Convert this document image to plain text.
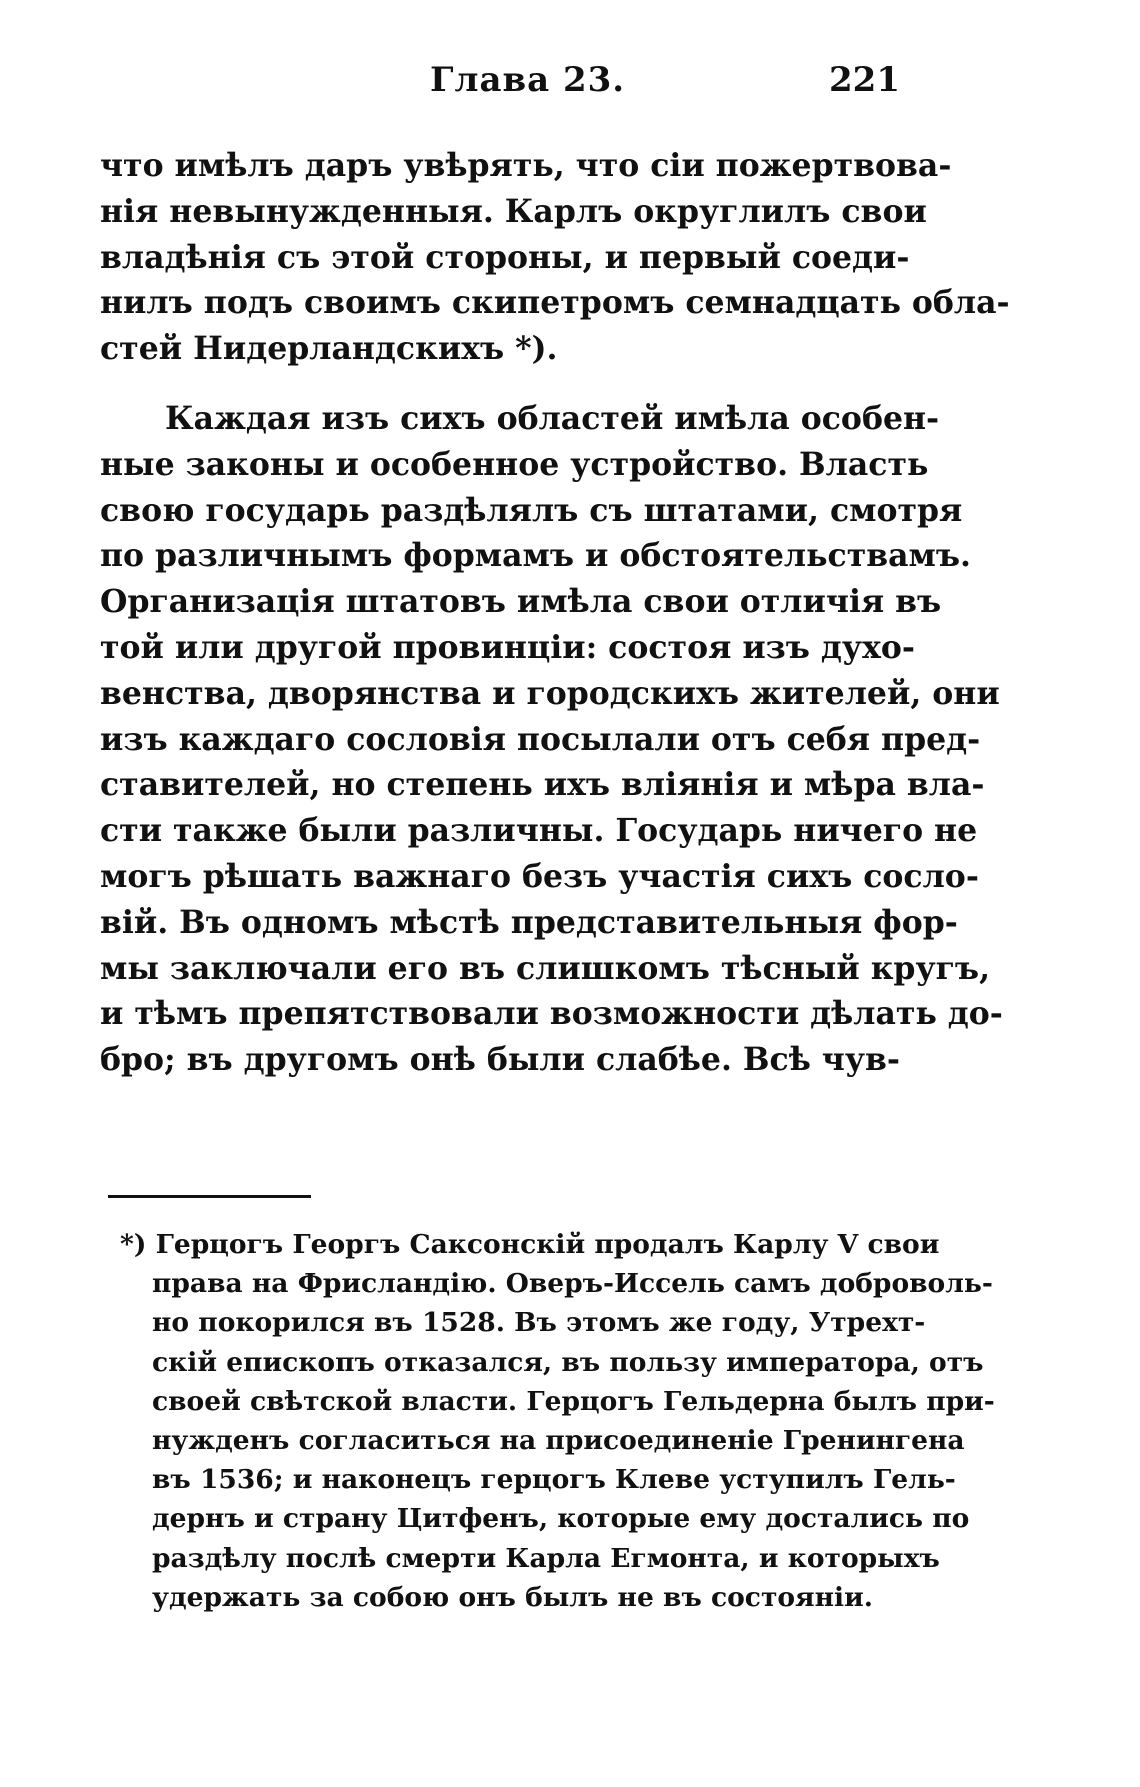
Глава 23.	221
что имѣлъ даръ увѣрять, что сіи пожертвова-
нія невынужденныя. Карлъ округлилъ свои
владѣнія съ этой стороны, и первый соеди-
нилъ подъ своимъ скипетромъ семнадцать обла-
стей Нидерландскихъ *).
Каждая изъ сихъ областей имѣла особен-
ные законы и особенное устройство. Власть
свою государь раздѣлялъ съ штатами, смотря
по различнымъ формамъ и обстоятельствамъ.
Организація штатовъ имѣла свои отличія въ
той или другой провинціи: состоя изъ духо-
венства, дворянства и городскихъ жителей, они
изъ каждаго сословія посылали отъ себя пред-
ставителей, но степень ихъ вліянія и мѣра вла-
сти также были различны. Государь ничего не
могъ рѣшать важнаго безъ участія сихъ сосло-
вій. Въ одномъ мѣстѣ представительныя фор-
мы заключали его въ слишкомъ тѣсный кругъ,
и тѣмъ препятствовали возможности дѣлать до-
бро; въ другомъ онѣ были слабѣе. Всѣ чув-
*) Герцогъ Георгъ Саксонскій продалъ Карлу V свои
права на Фрисландію. Оверъ-Иссель самъ доброволь-
но покорился въ 1528. Въ этомъ же году, Утрехт-
скій епископъ отказался, въ пользу императора, отъ
своей свѣтской власти. Герцогъ Гельдерна былъ при-
нужденъ согласиться на присоединеніе Гренингена
въ 1536; и наконецъ герцогъ Клеве уступилъ Гель-
дернъ и страну Цитфенъ, которые ему достались по
раздѣлу послѣ смерти Карла Егмонта, и которыхъ
удержать за собою онъ былъ не въ состояніи.
